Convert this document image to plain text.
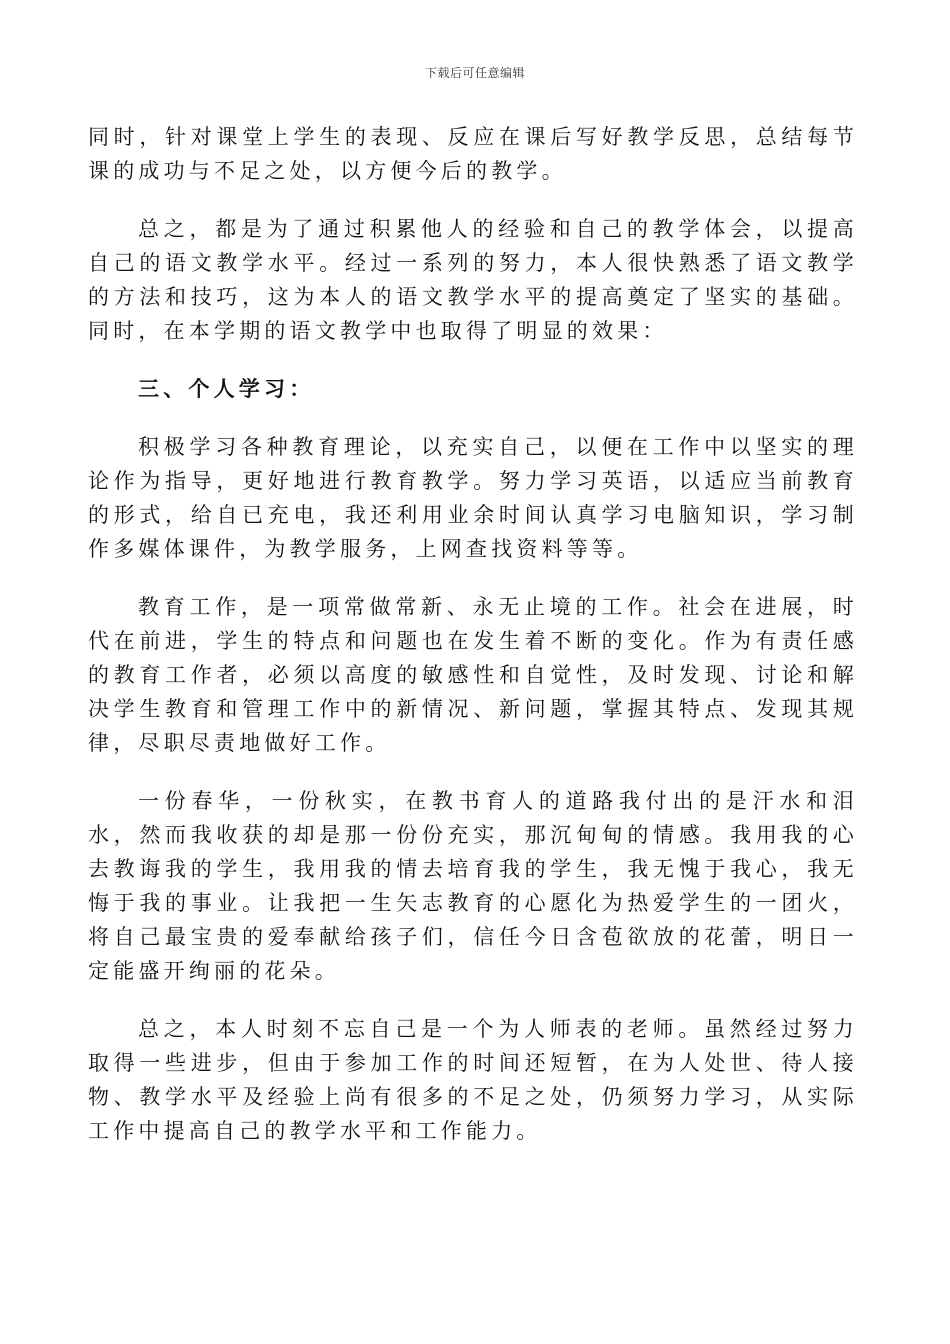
下载后可任意编辑

同时，针对课堂上学生的表现、反应在课后写好教学反思，总结每节课的成功与不足之处，以方便今后的教学。

总之，都是为了通过积累他人的经验和自己的教学体会，以提高自己的语文教学水平。经过一系列的努力，本人很快熟悉了语文教学的方法和技巧，这为本人的语文教学水平的提高奠定了坚实的基础。同时，在本学期的语文教学中也取得了明显的效果：

三、个人学习：

积极学习各种教育理论，以充实自己，以便在工作中以坚实的理论作为指导，更好地进行教育教学。努力学习英语，以适应当前教育的形式，给自已充电，我还利用业余时间认真学习电脑知识，学习制作多媒体课件，为教学服务，上网查找资料等等。

教育工作，是一项常做常新、永无止境的工作。社会在进展，时代在前进，学生的特点和问题也在发生着不断的变化。作为有责任感的教育工作者，必须以高度的敏感性和自觉性，及时发现、讨论和解决学生教育和管理工作中的新情况、新问题，掌握其特点、发现其规律，尽职尽责地做好工作。

一份春华，一份秋实，在教书育人的道路我付出的是汗水和泪水，然而我收获的却是那一份份充实，那沉甸甸的情感。我用我的心去教诲我的学生，我用我的情去培育我的学生，我无愧于我心，我无悔于我的事业。让我把一生矢志教育的心愿化为热爱学生的一团火，将自己最宝贵的爱奉献给孩子们，信任今日含苞欲放的花蕾，明日一定能盛开绚丽的花朵。

总之，本人时刻不忘自己是一个为人师表的老师。虽然经过努力取得一些进步，但由于参加工作的时间还短暂，在为人处世、待人接物、教学水平及经验上尚有很多的不足之处，仍须努力学习，从实际工作中提高自己的教学水平和工作能力。
